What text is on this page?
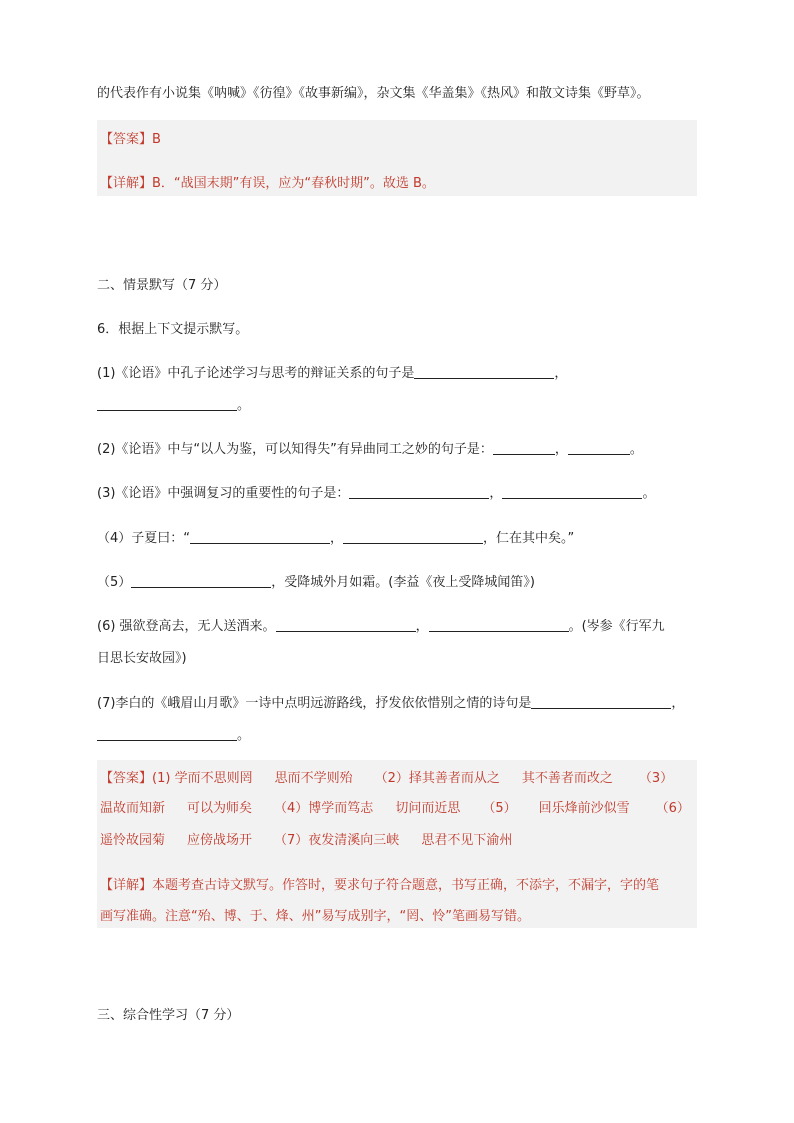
的代表作有小说集《呐喊》《彷徨》《故事新编》，杂文集《华盖集》《热风》和散文诗集《野草》。
【答案】B
【详解】B．“战国末期”有误，应为“春秋时期”。故选 B。
二、情景默写（7 分）
6．根据上下文提示默写。
(1)《论语》中孔子论述学习与思考的辩证关系的句子是	，
。
(2)《论语》中与“以人为鉴，可以知得失”有异曲同工之妙的句子是：	，	。
(3)《论语》中强调复习的重要性的句子是：	，	。
（4）子夏曰：“	，	，仁在其中矣。”
（5）	，受降城外月如霜。(李益《夜上受降城闻笛》)
(6) 强欲登高去，无人送酒来。	，	。(岑参《行军九
日思长安故园》)
(7)李白的《峨眉山月歌》一诗中点明远游路线，抒发依依惜别之情的诗句是	，
。
【答案】(1) 学而不思则罔 思而不学则殆 （2）择其善者而从之 其不善者而改之 （3）
温故而知新 可以为师矣 （4）博学而笃志 切问而近思 （5） 回乐烽前沙似雪 （6）
遥怜故园菊 应傍战场开 （7）夜发清溪向三峡 思君不见下渝州
【详解】本题考查古诗文默写。作答时，要求句子符合题意，书写正确，不添字，不漏字，字的笔
画写准确。注意“殆、博、于、烽、州”易写成别字，“罔、怜”笔画易写错。
三、综合性学习（7 分）
